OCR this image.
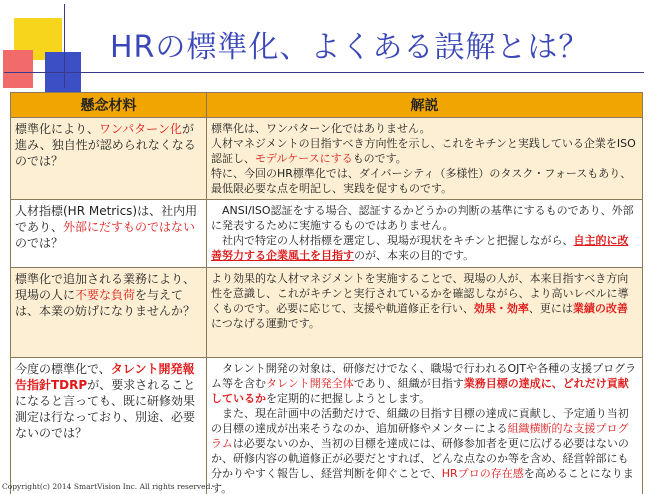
HRの標準化、よくある誤解とは？
懸念材料	解説
標準化により、ワンパターン化が進み、独自性が認められなくなるのでは？	標準化は、ワンパターン化ではありません。
人材マネジメントの目指すべき方向性を示し、これをキチンと実践している企業をISO認証し、モデルケースにするものです。
特に、今回のHR標準化では、ダイバーシティ（多様性）のタスク・フォースもあり、最低限必要な点を明記し、実践を促すものです。

人材指標(HR Metrics)は、社内用であり、外部にだすものではないのでは？	ANSI/ISO認証をする場合、認証するかどうかの判断の基準にするものであり、外部に発表するために実施するものではありません。
社内で特定の人材指標を選定し、現場が現状をキチンと把握しながら、自主的に改善努力する企業風土を目指すのが、本来の目的です。

標準化で追加される業務により、現場の人に不要な負荷を与えては、本業の妨げになりませんか？	より効果的な人材マネジメントを実施することで、現場の人が、本来目指すべき方向性を意識し、これがキチンと実行されているかを確認しながら、より高いレベルに導くものです。必要に応じて、支援や軌道修正を行い、効果・効率、更には業績の改善につなげる運動です。

今度の標準化で、タレント開発報告指針TDRPが、要求されることになると言っても、既に研修効果測定は行なっており、別途、必要ないのでは？	タレント開発の対象は、研修だけでなく、職場で行われるOJTや各種の支援プログラム等を含むタレント開発全体であり、組織が目指す業務目標の達成に、どれだけ貢献しているかを定期的に把握しようとします。
また、現在計画中の活動だけで、組織の目指す目標の達成に貢献し、予定通り当初の目標の達成が出来そうなのか、追加研修やメンターによる組織横断的な支援プログラムは必要ないのか、当初の目標を達成には、研修参加者を更に広げる必要はないのか、研修内容の軌道修正が必要だとすれば、どんな点なのか等を含め、経営幹部にも分かりやすく報告し、経営判断を仰ぐことで、HRプロの存在感を高めることになります。
Copyright(c) 2014 SmartVision Inc. All rights reserved.
